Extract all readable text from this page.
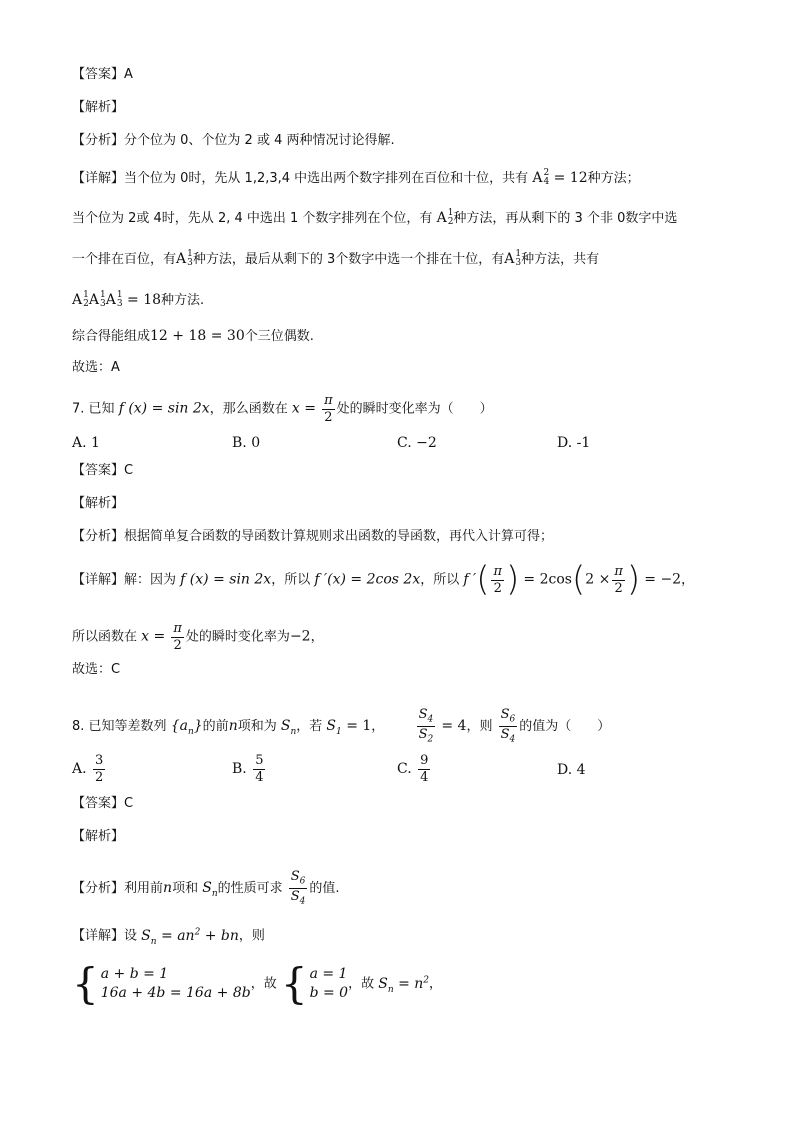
【答案】A
【解析】
【分析】分个位为 0、个位为 2 或 4 两种情况讨论得解.
【详解】当个位为 0时，先从 1,2,3,4 中选出两个数字排列在百位和十位，共有 A 2
4 = 12种方法；
当个位为 2或 4时，先从 2, 4 中选出 1 个数字排列在个位，有 A 1
2 种方法，再从剩下的 3 个非 0数字中选
一个排在百位，有A 1
3 种方法，最后从剩下的 3个数字中选一个排在十位，有A 1
3 种方法，共有
A 1
2 A 1
3 A 1
3 = 18种方法.
综合得能组成12 + 18 = 30个三位偶数.
故选：A
7. 已知 f (x) = sin 2x，那么函数在 $x = \frac{\pi}{2}$ 处的瞬时变化率为（　　）
A. 1	B. 0	C. −2	D. -1
【答案】C
【解析】
【分析】根据简单复合函数的导函数计算规则求出函数的导函数，再代入计算可得；
【详解】解：因为 f (x) = sin 2x，所以 f ′(x) = 2cos 2x，所以 f ′( $\frac{\pi}{2}$ ) = $2\cos(2 \times \frac{\pi}{2}$ ) = −2，
所以函数在 $x = \frac{\pi}{2}$ 处的瞬时变化率为−2，
故选：C
8. 已知等差数列 $\{a_n\}$的前n项和为 $S_n$，若 $S_1 = 1$， $\frac{S_4}{S_2} = 4$，则 $\frac{S_6}{S_4}$ 的值为（　　）
A. $\frac{3}{2}$	B. $\frac{5}{4}$	C. $\frac{9}{4}$	D. 4
【答案】C
【解析】
【分析】利用前n项和 $S_n$的性质可求 $\frac{S_6}{S_4}$ 的值.
【详解】设 $S_n = an^2$ + bn，则
{ a + b = 1
16a + 4b = 16a + 8b
，故 { a = 1
b = 0
，故 $S_n = n^2$，
